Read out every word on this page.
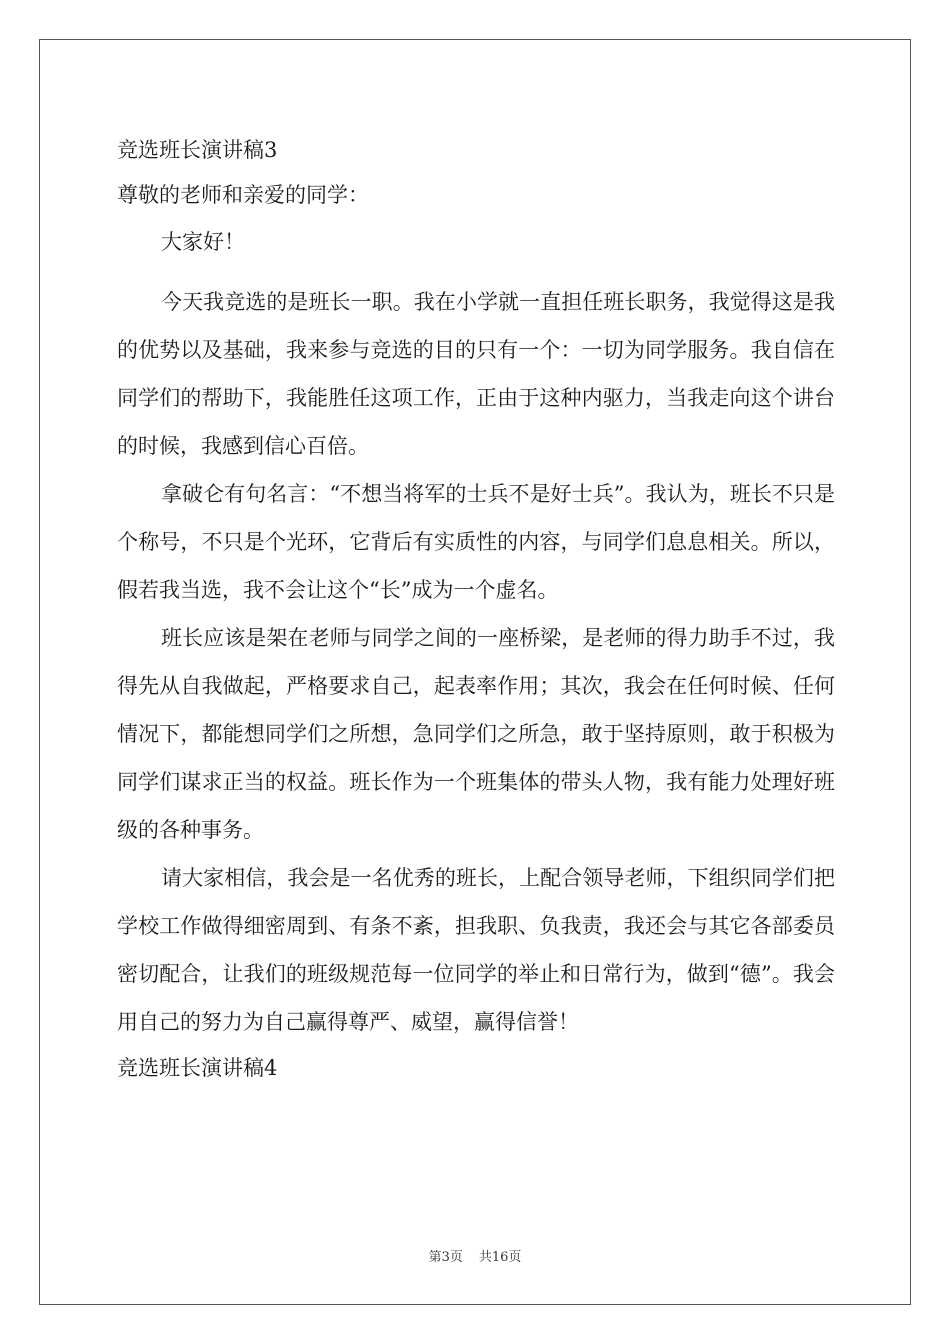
竞选班长演讲稿3

尊敬的老师和亲爱的同学：

大家好！

今天我竞选的是班长一职。我在小学就一直担任班长职务，我觉得这是我的优势以及基础，我来参与竞选的目的只有一个：一切为同学服务。我自信在同学们的帮助下，我能胜任这项工作，正由于这种内驱力，当我走向这个讲台的时候，我感到信心百倍。

拿破仑有句名言：“不想当将军的士兵不是好士兵”。我认为，班长不只是个称号，不只是个光环，它背后有实质性的内容，与同学们息息相关。所以，假若我当选，我不会让这个“长”成为一个虚名。

班长应该是架在老师与同学之间的一座桥梁，是老师的得力助手不过，我得先从自我做起，严格要求自己，起表率作用；其次，我会在任何时候、任何情况下，都能想同学们之所想，急同学们之所急，敢于坚持原则，敢于积极为同学们谋求正当的权益。班长作为一个班集体的带头人物，我有能力处理好班级的各种事务。

请大家相信，我会是一名优秀的班长，上配合领导老师，下组织同学们把学校工作做得细密周到、有条不紊，担我职、负我责，我还会与其它各部委员密切配合，让我们的班级规范每一位同学的举止和日常行为，做到“德”。我会用自己的努力为自己赢得尊严、威望，赢得信誉！

竞选班长演讲稿4
第3页 共16页
